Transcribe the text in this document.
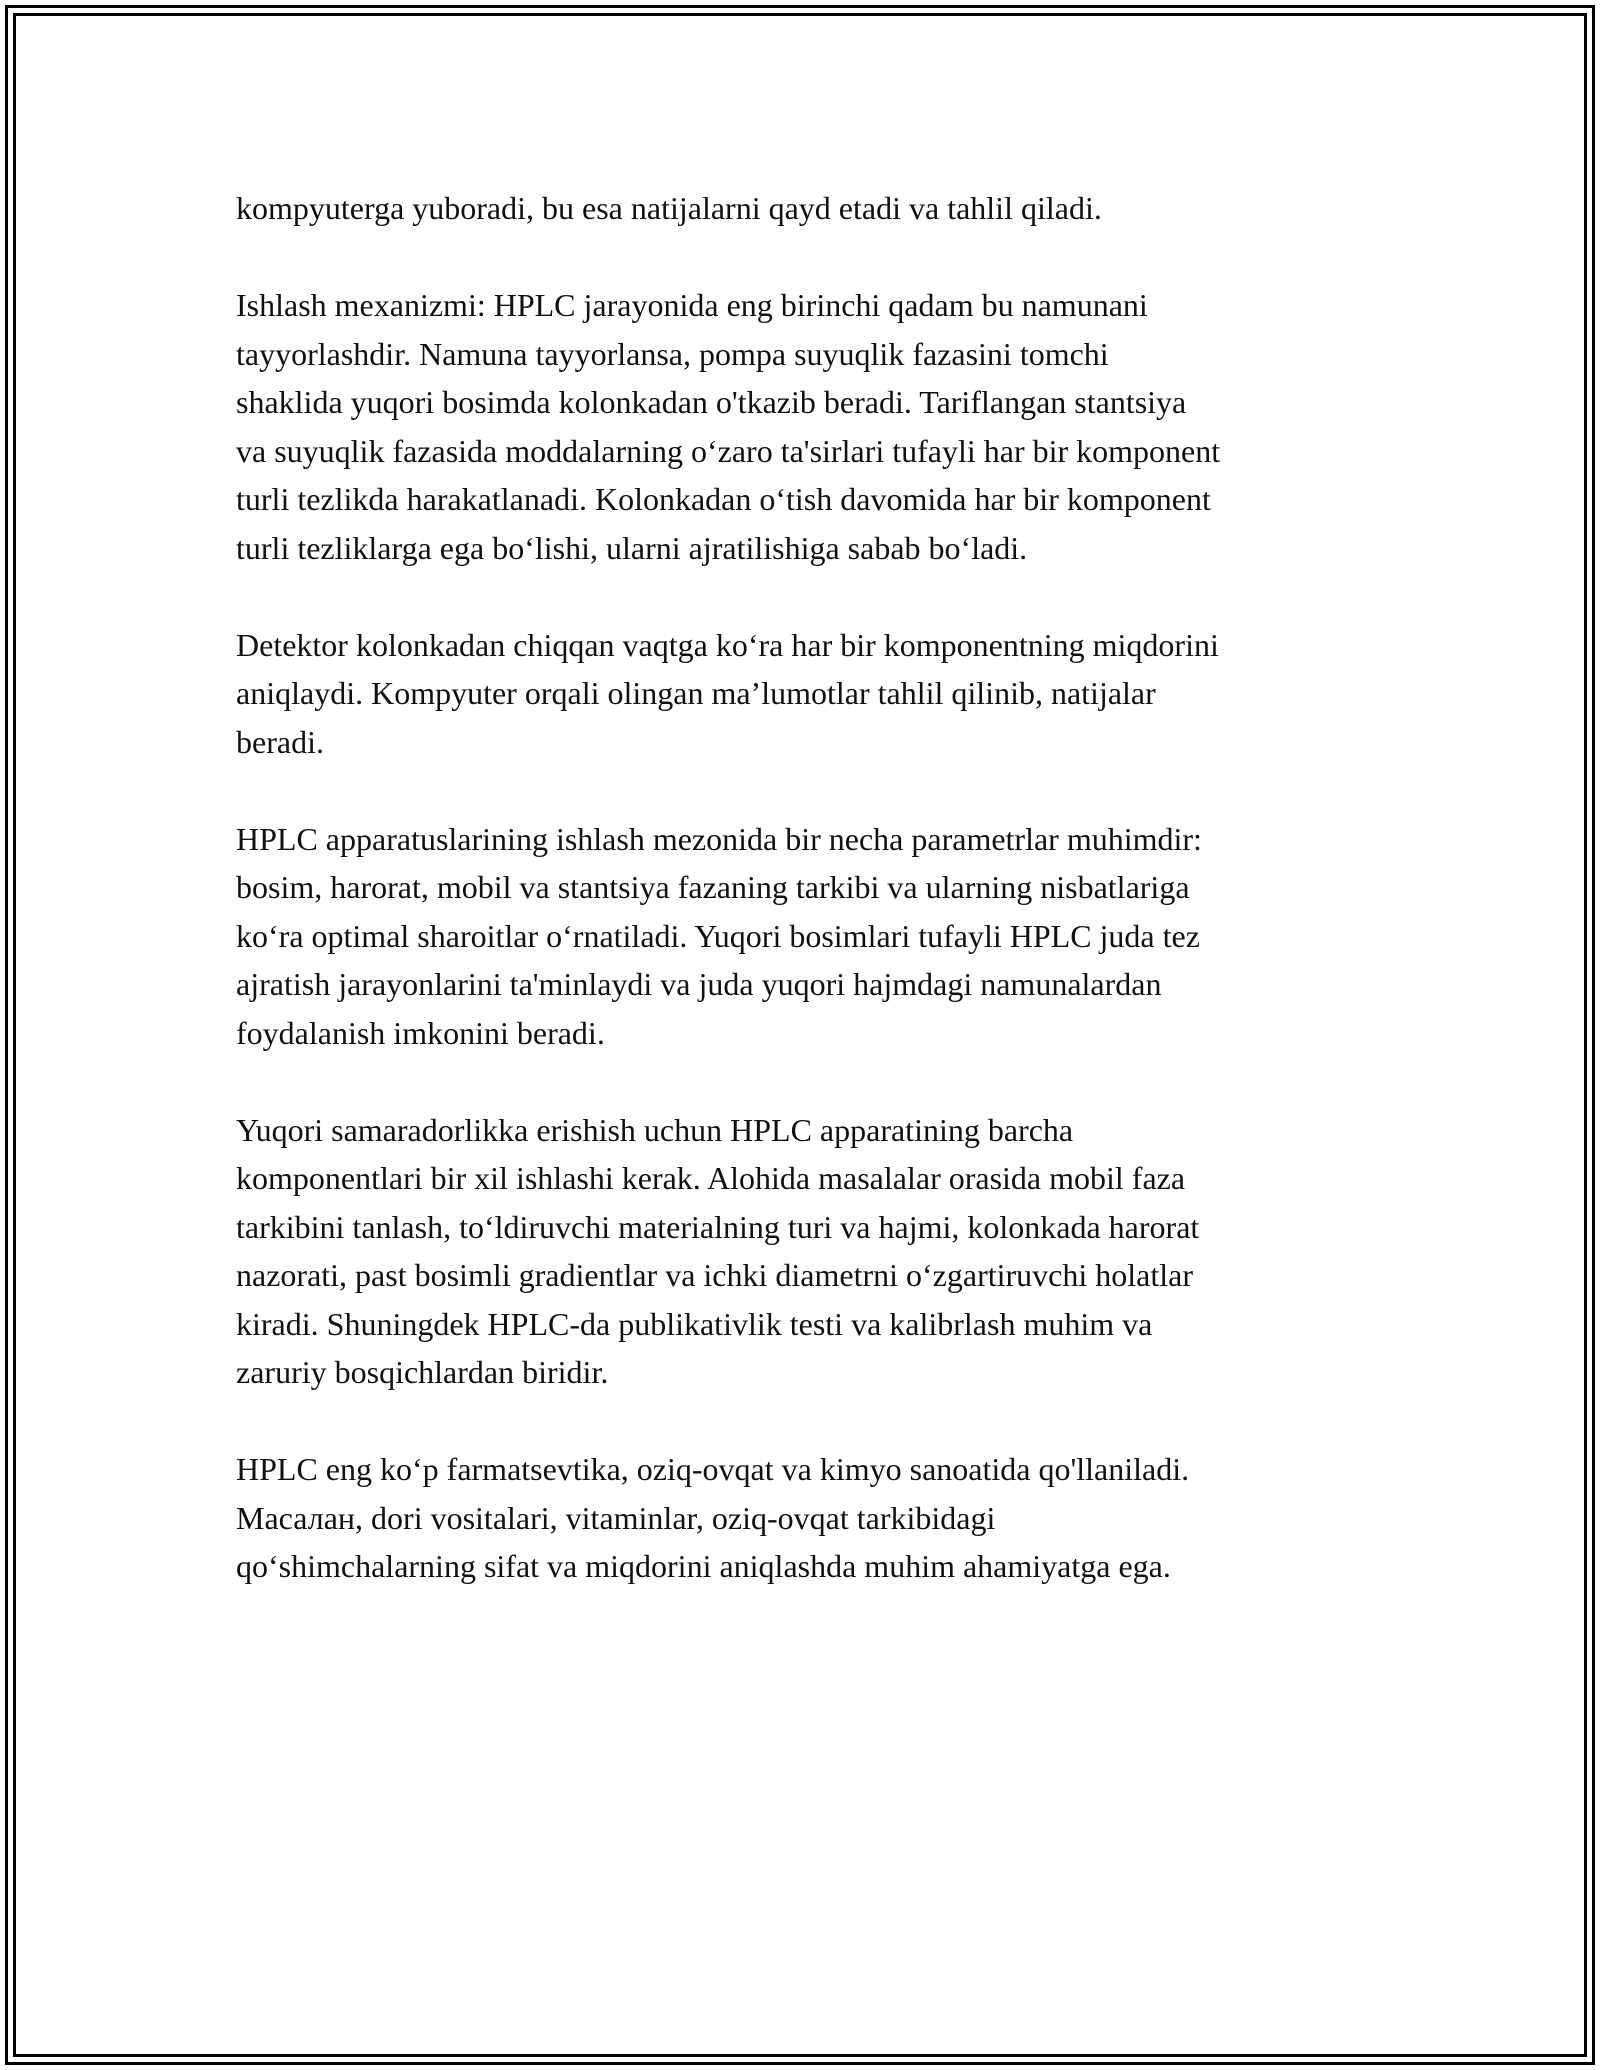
kompyuterga yuboradi, bu esa natijalarni qayd etadi va tahlil qiladi.

Ishlash mexanizmi: HPLC jarayonida eng birinchi qadam bu namunani
tayyorlashdir. Namuna tayyorlansa, pompa suyuqlik fazasini tomchi
shaklida yuqori bosimda kolonkadan o'tkazib beradi. Tariflangan stantsiya
va suyuqlik fazasida moddalarning o‘zaro ta'sirlari tufayli har bir komponent
turli tezlikda harakatlanadi. Kolonkadan o‘tish davomida har bir komponent
turli tezliklarga ega bo‘lishi, ularni ajratilishiga sabab bo‘ladi.

Detektor kolonkadan chiqqan vaqtga ko‘ra har bir komponentning miqdorini
aniqlaydi. Kompyuter orqali olingan ma’lumotlar tahlil qilinib, natijalar
beradi.

HPLC apparatuslarining ishlash mezonida bir necha parametrlar muhimdir:
bosim, harorat, mobil va stantsiya fazaning tarkibi va ularning nisbatlariga
ko‘ra optimal sharoitlar o‘rnatiladi. Yuqori bosimlari tufayli HPLC juda tez
ajratish jarayonlarini ta'minlaydi va juda yuqori hajmdagi namunalardan
foydalanish imkonini beradi.

Yuqori samaradorlikka erishish uchun HPLC apparatining barcha
komponentlari bir xil ishlashi kerak. Alohida masalalar orasida mobil faza
tarkibini tanlash, to‘ldiruvchi materialning turi va hajmi, kolonkada harorat
nazorati, past bosimli gradientlar va ichki diametrni o‘zgartiruvchi holatlar
kiradi. Shuningdek HPLC-da publikativlik testi va kalibrlash muhim va
zaruriy bosqichlardan biridir.

HPLC eng ko‘p farmatsevtika, oziq-ovqat va kimyo sanoatida qo'llaniladi.
Масалан, dori vositalari, vitaminlar, oziq-ovqat tarkibidagi
qo‘shimchalarning sifat va miqdorini aniqlashda muhim ahamiyatga ega.
